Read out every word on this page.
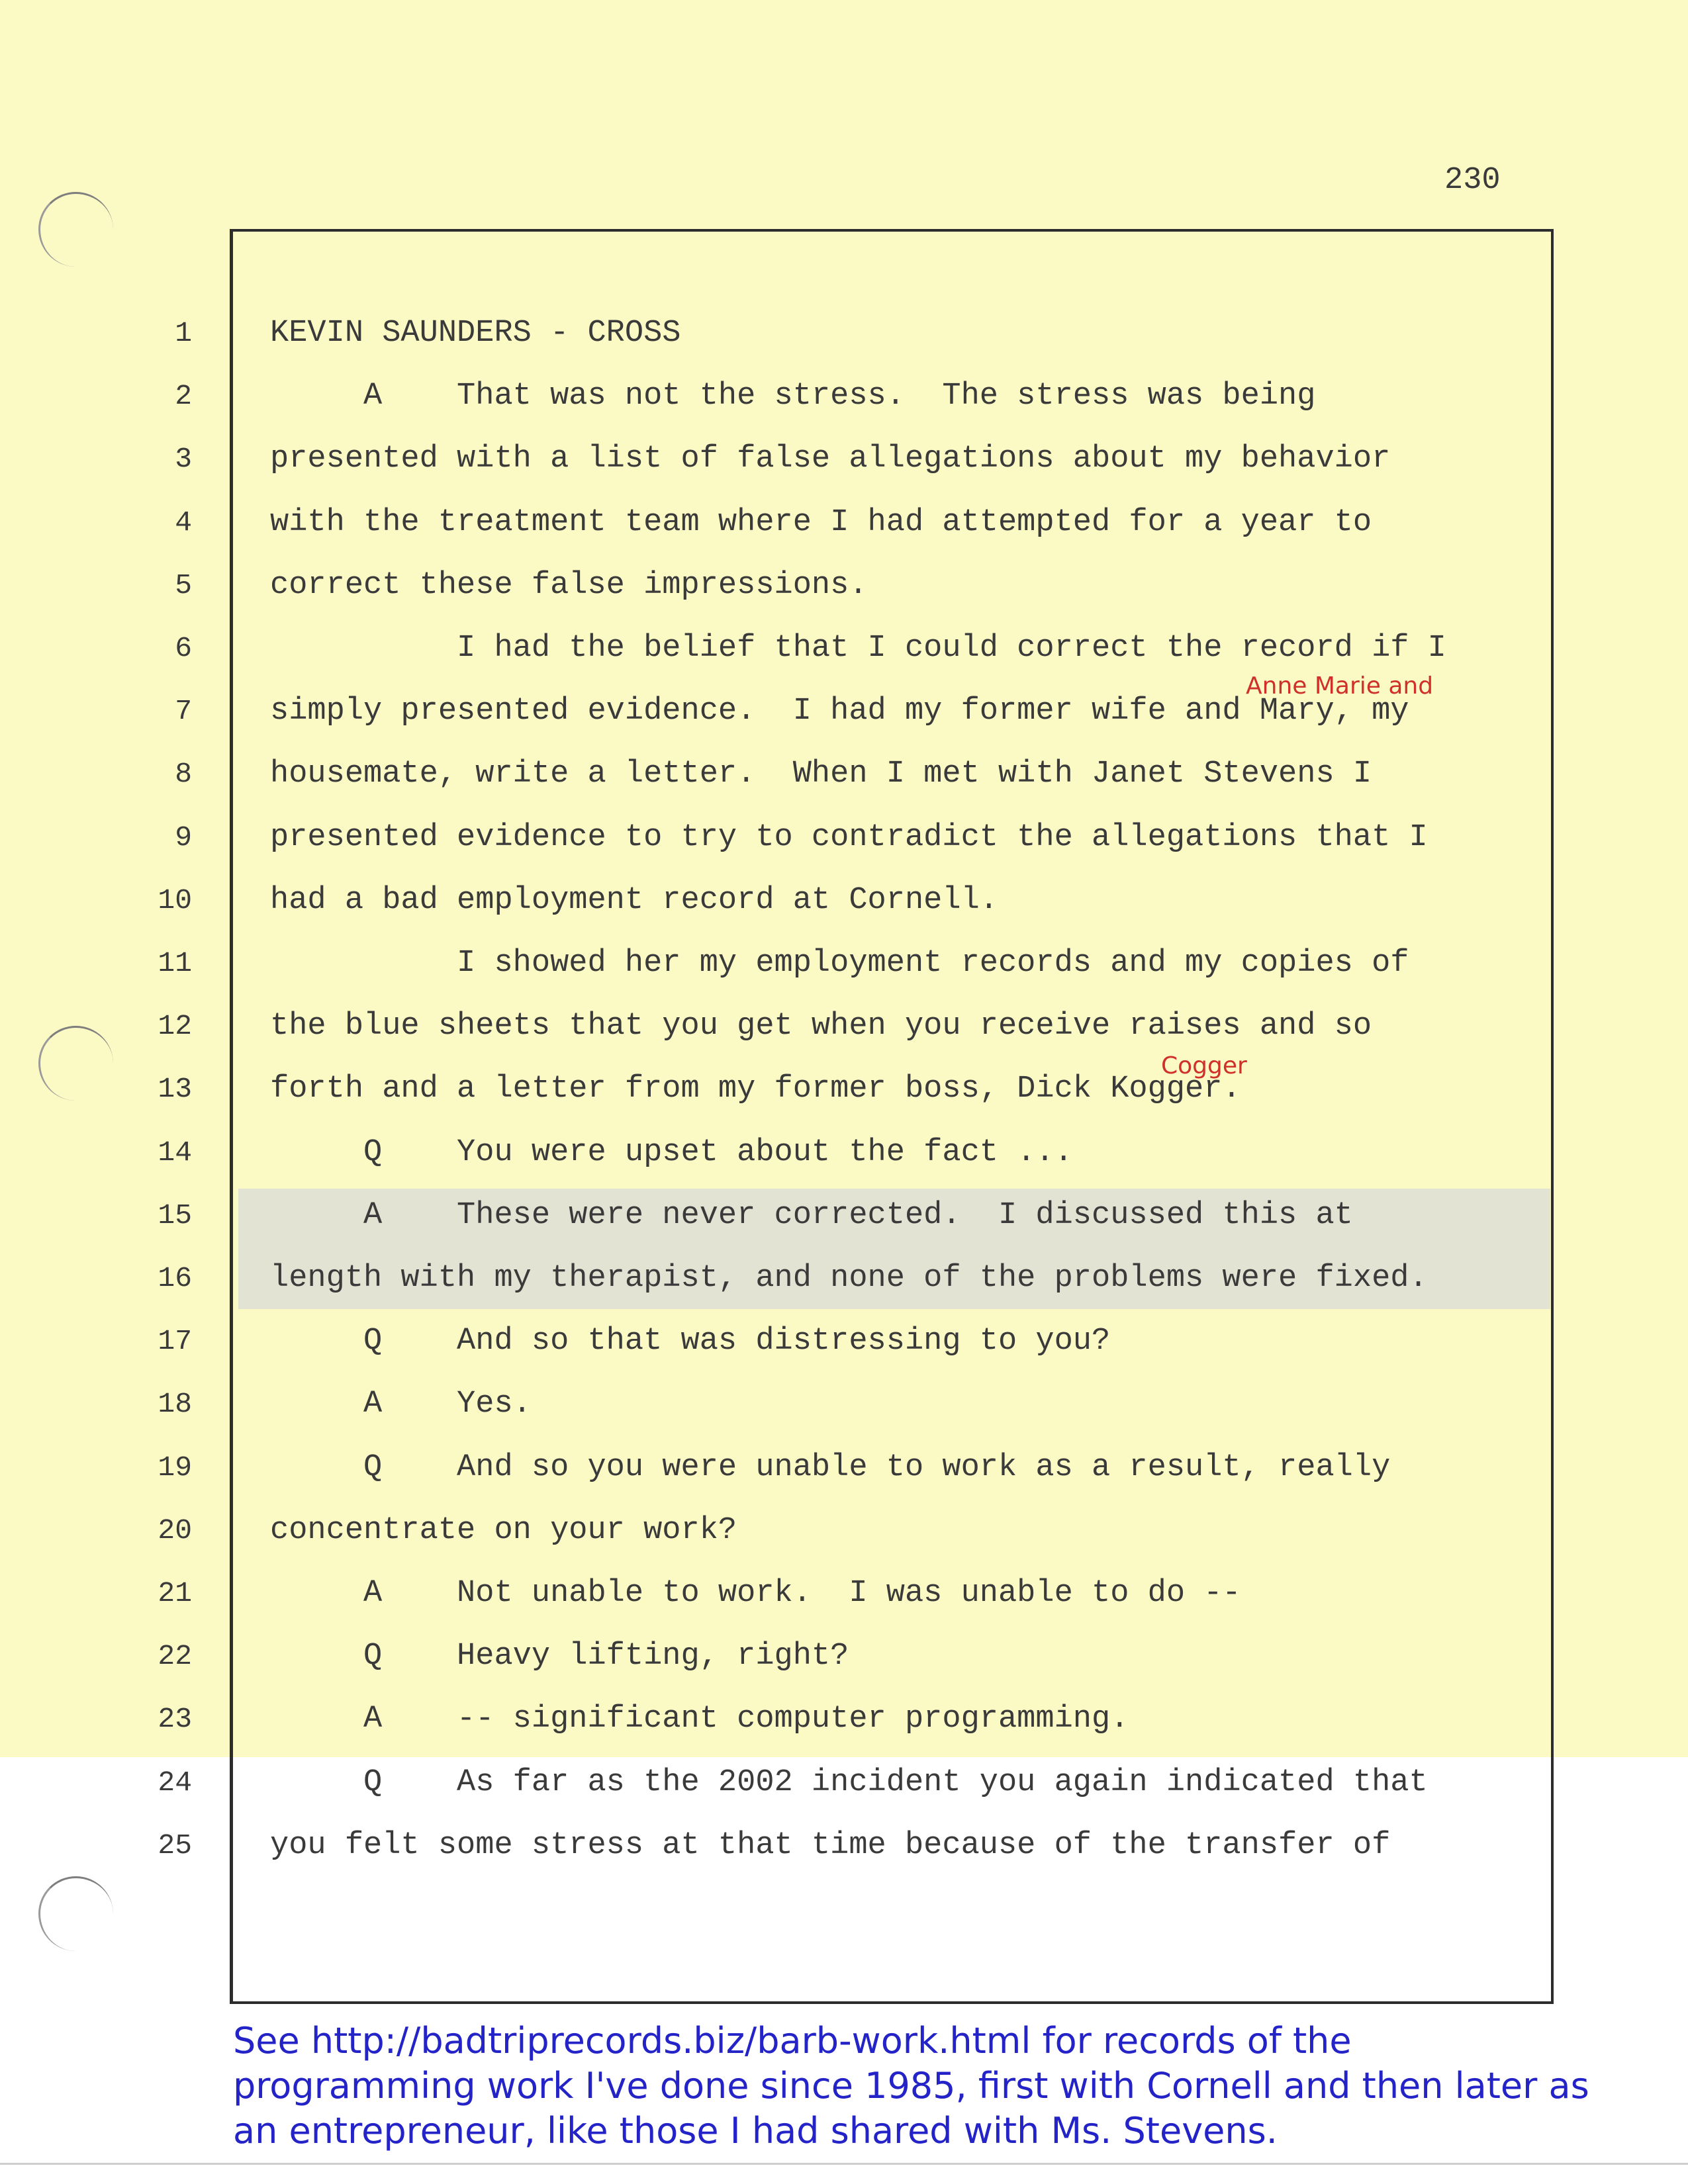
230
1
2
3
4
5
6
7
8
9
10
11
12
13
14
15
16
17
18
19
20
21
22
23
24
25
KEVIN SAUNDERS - CROSS
A    That was not the stress.  The stress was being
presented with a list of false allegations about my behavior
with the treatment team where I had attempted for a year to
correct these false impressions.
I had the belief that I could correct the record if I
simply presented evidence.  I had my former wife and Mary, my
housemate, write a letter.  When I met with Janet Stevens I
presented evidence to try to contradict the allegations that I
had a bad employment record at Cornell.
I showed her my employment records and my copies of
the blue sheets that you get when you receive raises and so
forth and a letter from my former boss, Dick Kogger.
Q    You were upset about the fact ...
A    These were never corrected.  I discussed this at
length with my therapist, and none of the problems were fixed.
Q    And so that was distressing to you?
A    Yes.
Q    And so you were unable to work as a result, really
concentrate on your work?
A    Not unable to work.  I was unable to do --
Q    Heavy lifting, right?
A    -- significant computer programming.
Q    As far as the 2002 incident you again indicated that
you felt some stress at that time because of the transfer of
Anne Marie and
Cogger
See http://badtriprecords.biz/barb-work.html for records of the programming work I've done since 1985, first with Cornell and then later as an entrepreneur, like those I had shared with Ms. Stevens.
